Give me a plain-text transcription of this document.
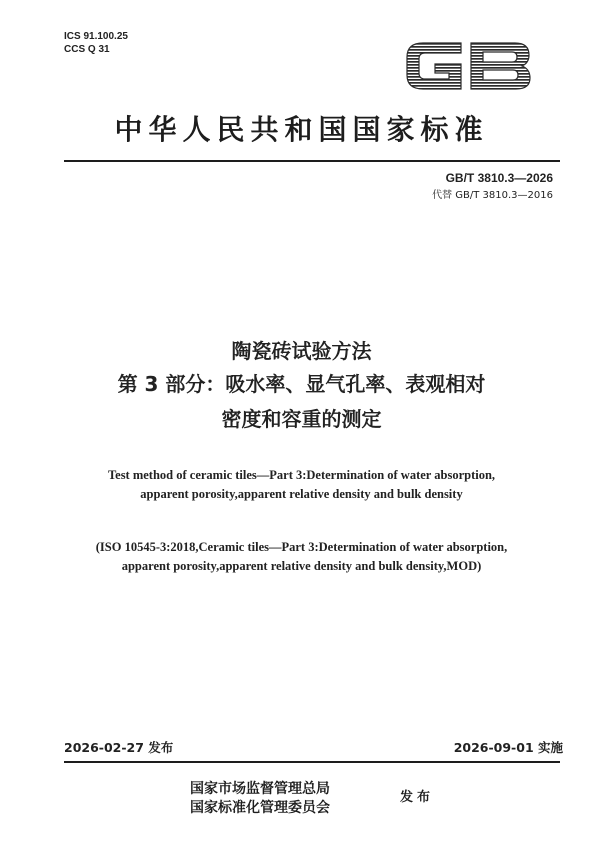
ICS 91.100.25
CCS Q 31
中华人民共和国国家标准
GB/T 3810.3—2026
代替 GB/T 3810.3—2016
陶瓷砖试验方法
第 3 部分：吸水率、显气孔率、表观相对
密度和容重的测定
Test method of ceramic tiles—Part 3:Determination of water absorption,
apparent porosity,apparent relative density and bulk density
(ISO 10545-3:2018,Ceramic tiles—Part 3:Determination of water absorption,
apparent porosity,apparent relative density and bulk density,MOD)
2026-02-27 发布	2026-09-01 实施
国家市场监督管理总局
国家标准化管理委员会
发布
